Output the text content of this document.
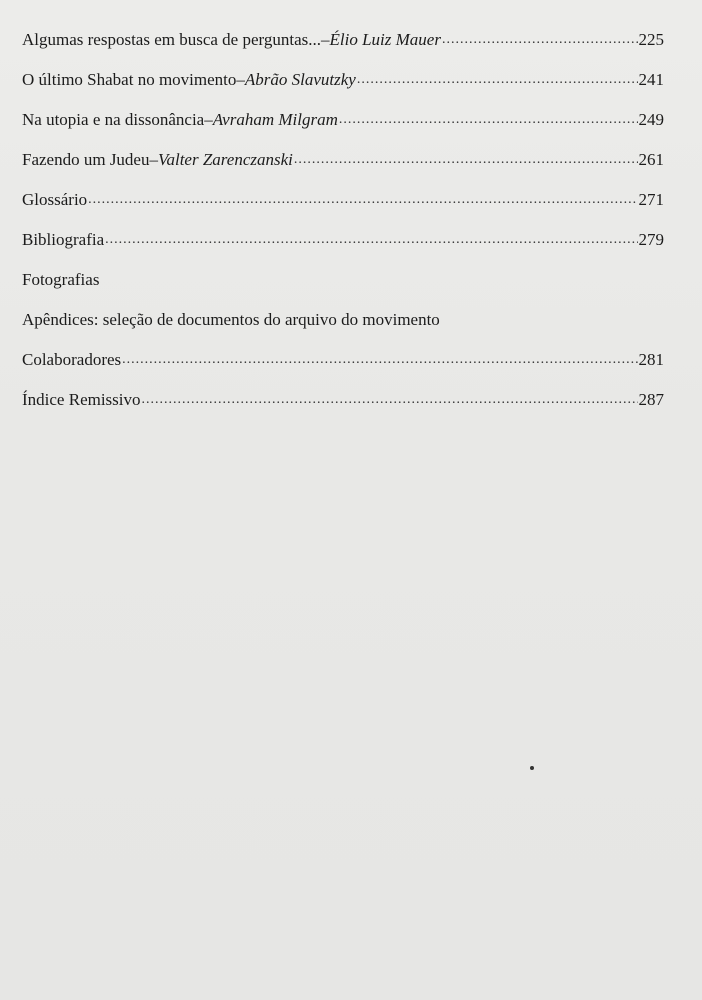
Algumas respostas em busca de perguntas... – Élio Luiz Mauer .....	225
O último Shabat no movimento – Abrão Slavutzky .....	241
Na utopia e na dissonância – Avraham Milgram .....	249
Fazendo um Judeu – Valter Zarenczanski .....	261
Glossário .....	271
Bibliografia .....	279
Fotografias
Apêndices: seleção de documentos do arquivo do movimento
Colaboradores .....	281
Índice Remissivo .....	287
